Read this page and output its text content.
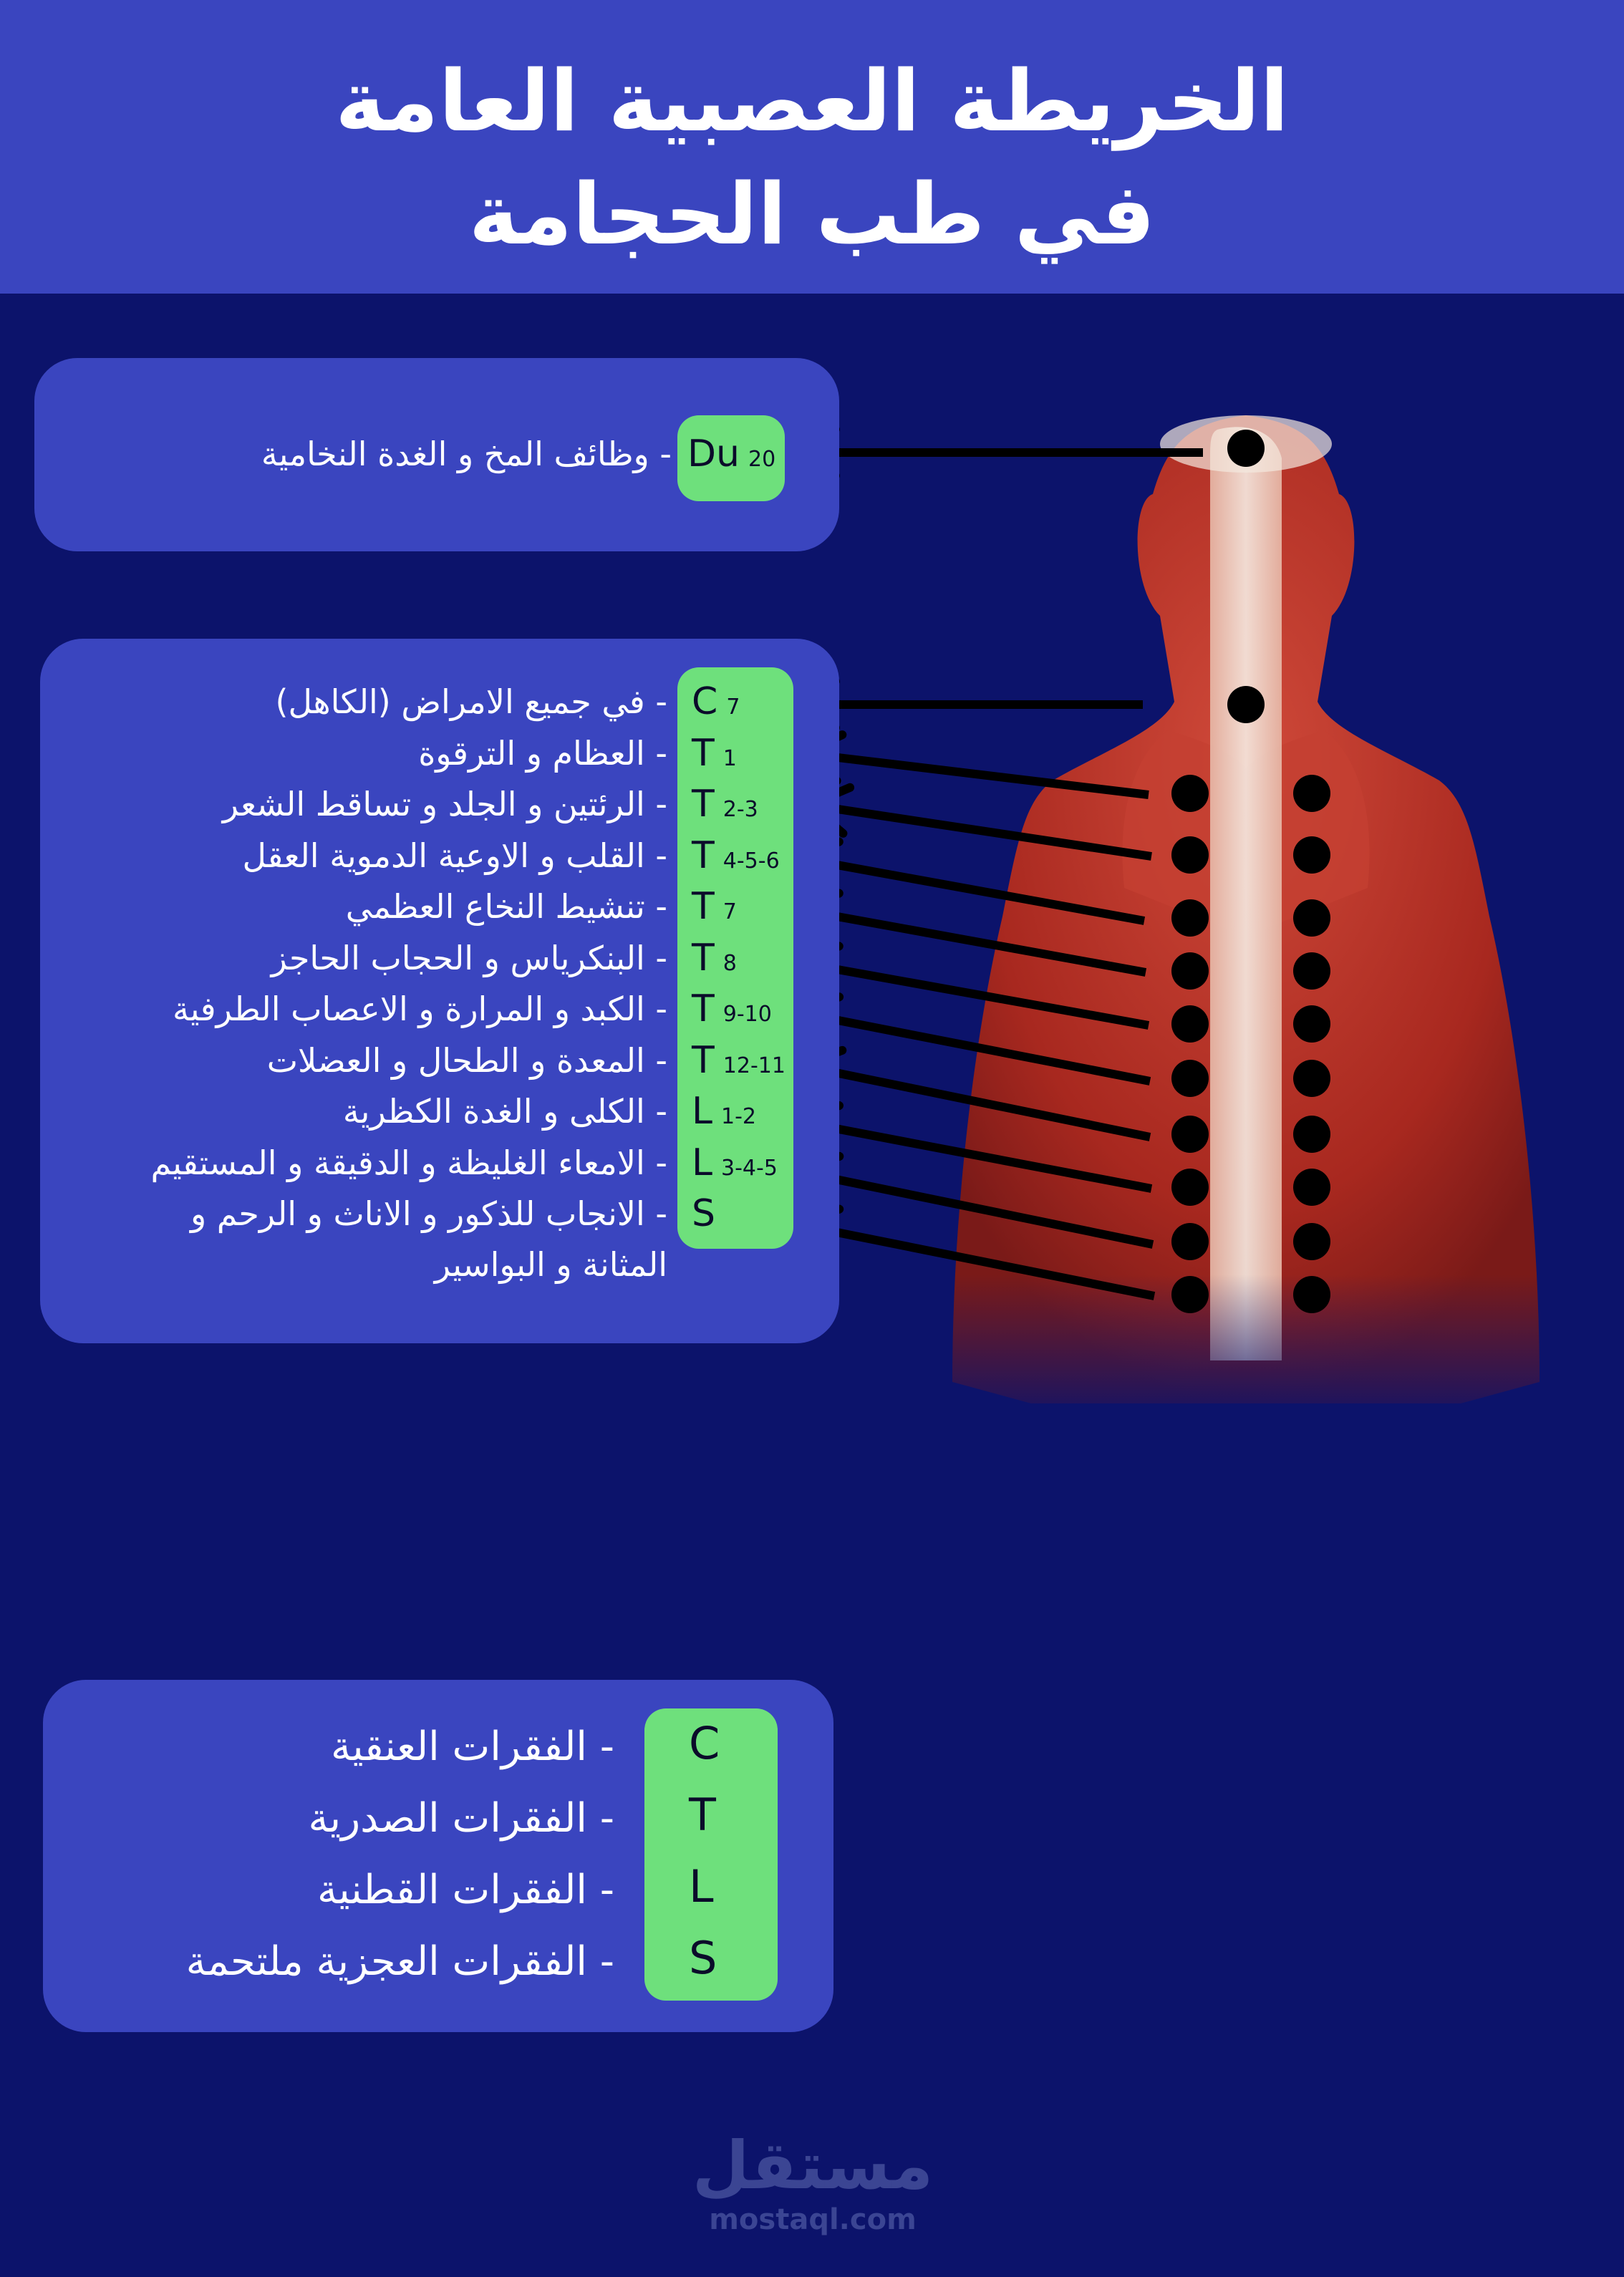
الخريطة العصبية العامة
في طب الحجامة
Du 20
- وظائف المخ و الغدة النخامية
C 7
- في جميع الامراض (الكاهل)
T 1
- العظام و الترقوة
T 2-3
- الرئتين و الجلد و تساقط الشعر
T 4-5-6
- القلب و الاوعية الدموية العقل
T 7
- تنشيط النخاع العظمي
T 8
- البنكرياس و الحجاب الحاجز
T 9-10
- الكبد و المرارة و الاعصاب الطرفية
T 12-11
- المعدة و الطحال و العضلات
L 1-2
- الكلى و الغدة الكظرية
L 3-4-5
- الامعاء الغليظة و الدقيقة و المستقيم
S
- الانجاب للذكور و الاناث و الرحم و
المثانة و البواسير
C
- الفقرات العنقية
T
- الفقرات الصدرية
L
- الفقرات القطنية
S
- الفقرات العجزية ملتحمة
مستقل
mostaql.com
